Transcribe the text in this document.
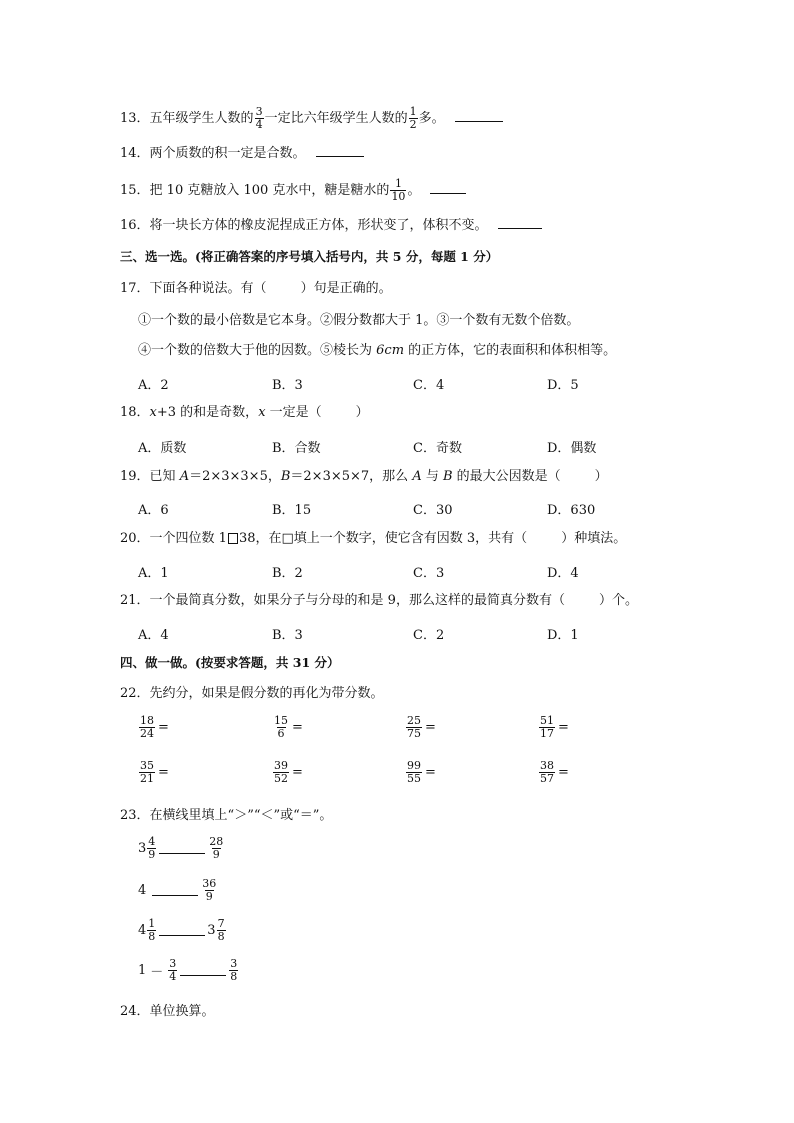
13．五年级学生人数的 $\frac{3}{4}$ 一定比六年级学生人数的 $\frac{1}{2}$ 多。
14．两个质数的积一定是合数。
15．把 10 克糖放入 100 克水中，糖是糖水的 $\frac{1}{10}$ 。
16．将一块长方体的橡皮泥捏成正方体，形状变了，体积不变。
三、选一选。(将正确答案的序号填入括号内，共 5 分，每题 1 分）
17．下面各种说法。有（	）句是正确的。
①一个数的最小倍数是它本身。②假分数都大于 1。③一个数有无数个倍数。
④一个数的倍数大于他的因数。⑤棱长为 6cm 的正方体，它的表面积和体积相等。
A．2	B．3	C．4	D．5
18．x+3 的和是奇数，x 一定是（	）
A．质数	B．合数	C．奇数	D．偶数
19．已知 A＝2×3×3×5，B＝2×3×5×7，那么 A 与 B 的最大公因数是（	）
A．6	B．15	C．30	D．630
20．一个四位数 1 38，在□填上一个数字，使它含有因数 3，共有（	）种填法。
A．1	B．2	C．3	D．4
21．一个最简真分数，如果分子与分母的和是 9，那么这样的最简真分数有（	）个。
A．4	B．3	C．2	D．1
四、做一做。(按要求答题，共 31 分）
22．先约分，如果是假分数的再化为带分数。
$\frac{18}{24}$ =	$\frac{15}{6}$ =	$\frac{25}{75}$ =	$\frac{51}{17}$ =
$\frac{35}{21}$ =	$\frac{39}{52}$ =	$\frac{99}{55}$ =	$\frac{38}{57}$ =
23．在横线里填上“＞”“＜”或“＝”。
$3 \frac{4}{9}$	$\frac{28}{9}$
4	$\frac{36}{9}$
$4 \frac{1}{8}$	$3 \frac{7}{8}$
$1 - \frac{3}{4}$	$\frac{3}{8}$
24．单位换算。
